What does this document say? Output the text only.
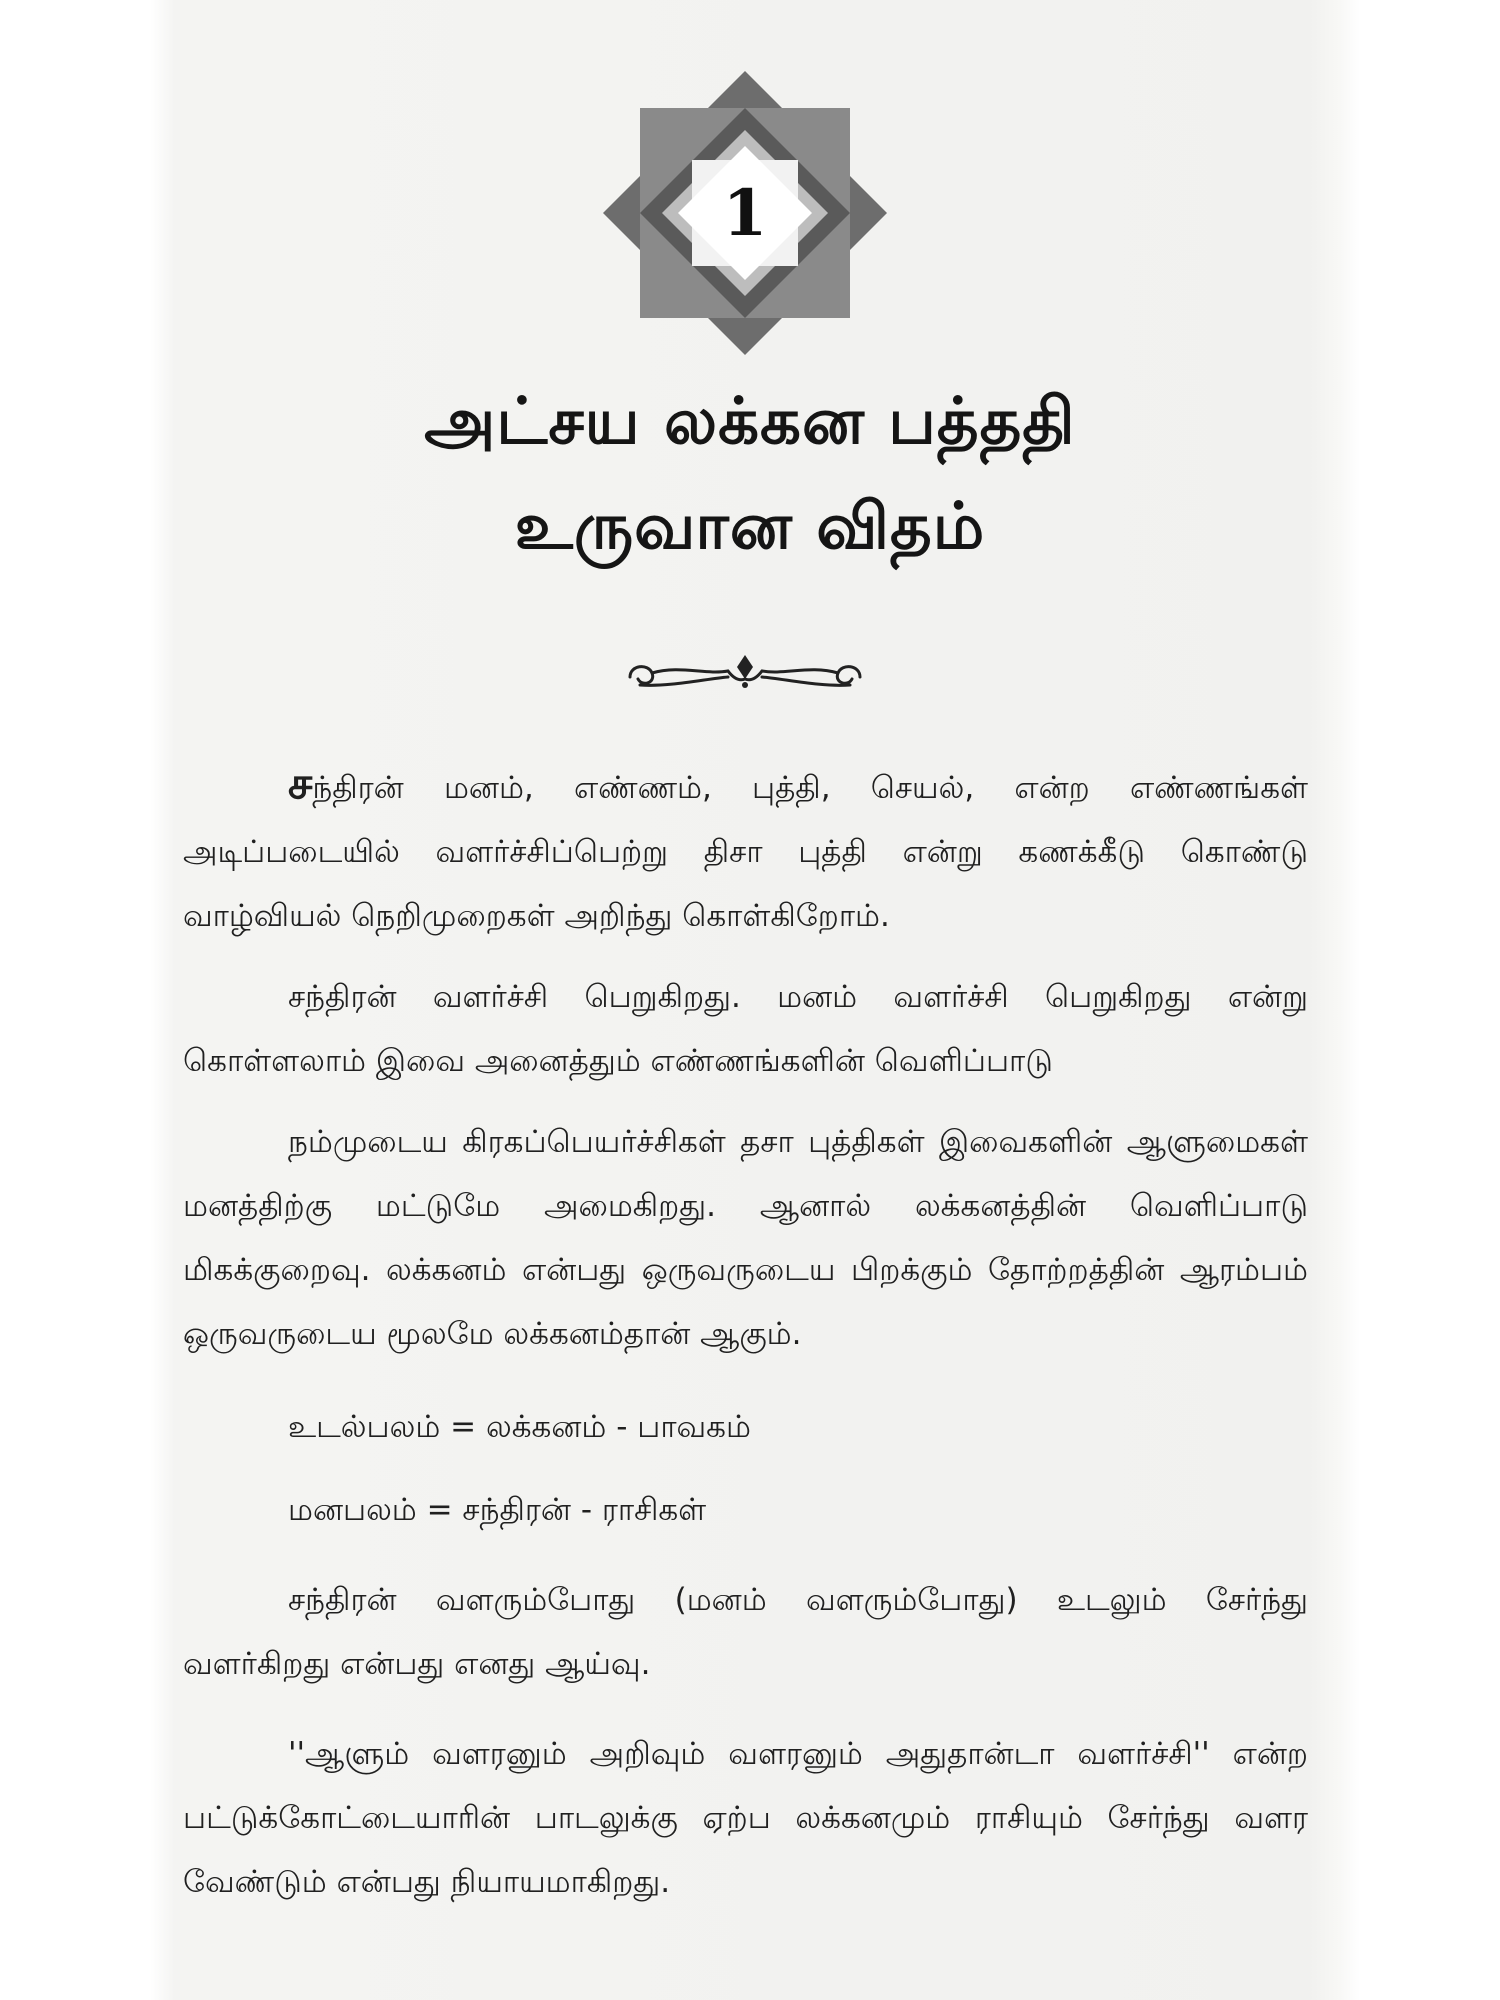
1
அட்சய லக்கன பத்ததி
உருவான விதம்

சந்திரன் மனம், எண்ணம், புத்தி, செயல், என்ற எண்ணங்கள் அடிப்படையில் வளர்ச்சிப்பெற்று திசா புத்தி என்று கணக்கீடு கொண்டு வாழ்வியல் நெறிமுறைகள் அறிந்து கொள்கிறோம்.

சந்திரன் வளர்ச்சி பெறுகிறது. மனம் வளர்ச்சி பெறுகிறது என்று கொள்ளலாம் இவை அனைத்தும் எண்ணங்களின் வெளிப்பாடு

நம்முடைய கிரகப்பெயர்ச்சிகள் தசா புத்திகள் இவைகளின் ஆளுமைகள் மனத்திற்கு மட்டுமே அமைகிறது. ஆனால் லக்கனத்தின் வெளிப்பாடு மிகக்குறைவு. லக்கனம் என்பது ஒருவருடைய பிறக்கும் தோற்றத்தின் ஆரம்பம் ஒருவருடைய மூலமே லக்கனம்தான் ஆகும்.

உடல்பலம் = லக்கனம் - பாவகம்

மனபலம் = சந்திரன் - ராசிகள்

சந்திரன் வளரும்போது (மனம் வளரும்போது) உடலும் சேர்ந்து வளர்கிறது என்பது எனது ஆய்வு.

''ஆளும் வளரனும் அறிவும் வளரனும் அதுதான்டா வளர்ச்சி'' என்ற பட்டுக்கோட்டையாரின் பாடலுக்கு ஏற்ப லக்கனமும் ராசியும் சேர்ந்து வளர வேண்டும் என்பது நியாயமாகிறது.
